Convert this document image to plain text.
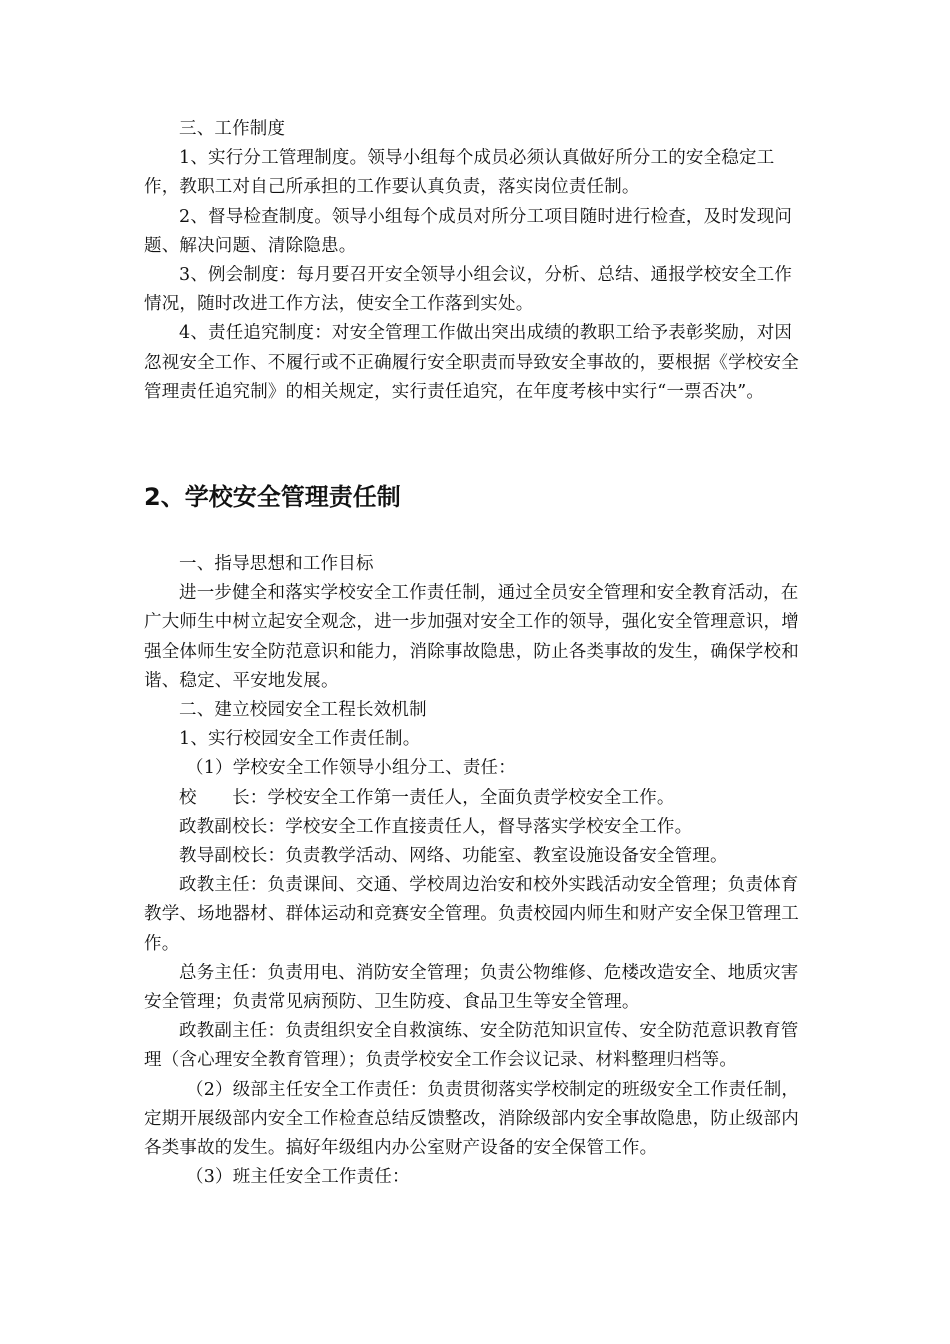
三、工作制度

1、实行分工管理制度。领导小组每个成员必须认真做好所分工的安全稳定工作，教职工对自己所承担的工作要认真负责，落实岗位责任制。

2、督导检查制度。领导小组每个成员对所分工项目随时进行检查，及时发现问题、解决问题、清除隐患。

3、例会制度：每月要召开安全领导小组会议，分析、总结、通报学校安全工作情况，随时改进工作方法，使安全工作落到实处。

4、责任追究制度：对安全管理工作做出突出成绩的教职工给予表彰奖励，对因忽视安全工作、不履行或不正确履行安全职责而导致安全事故的，要根据《学校安全管理责任追究制》的相关规定，实行责任追究，在年度考核中实行“一票否决”。

2、学校安全管理责任制

一、指导思想和工作目标

进一步健全和落实学校安全工作责任制，通过全员安全管理和安全教育活动，在广大师生中树立起安全观念，进一步加强对安全工作的领导，强化安全管理意识，增强全体师生安全防范意识和能力，消除事故隐患，防止各类事故的发生，确保学校和谐、稳定、平安地发展。

二、建立校园安全工程长效机制

1、实行校园安全工作责任制。

（1）学校安全工作领导小组分工、责任：

校　　长：学校安全工作第一责任人，全面负责学校安全工作。

政教副校长：学校安全工作直接责任人，督导落实学校安全工作。

教导副校长：负责教学活动、网络、功能室、教室设施设备安全管理。

政教主任：负责课间、交通、学校周边治安和校外实践活动安全管理；负责体育教学、场地器材、群体运动和竞赛安全管理。负责校园内师生和财产安全保卫管理工作。

总务主任：负责用电、消防安全管理；负责公物维修、危楼改造安全、地质灾害安全管理；负责常见病预防、卫生防疫、食品卫生等安全管理。

政教副主任：负责组织安全自救演练、安全防范知识宣传、安全防范意识教育管理（含心理安全教育管理）；负责学校安全工作会议记录、材料整理归档等。

（2）级部主任安全工作责任：负责贯彻落实学校制定的班级安全工作责任制，定期开展级部内安全工作检查总结反馈整改，消除级部内安全事故隐患，防止级部内各类事故的发生。搞好年级组内办公室财产设备的安全保管工作。

（3）班主任安全工作责任：
